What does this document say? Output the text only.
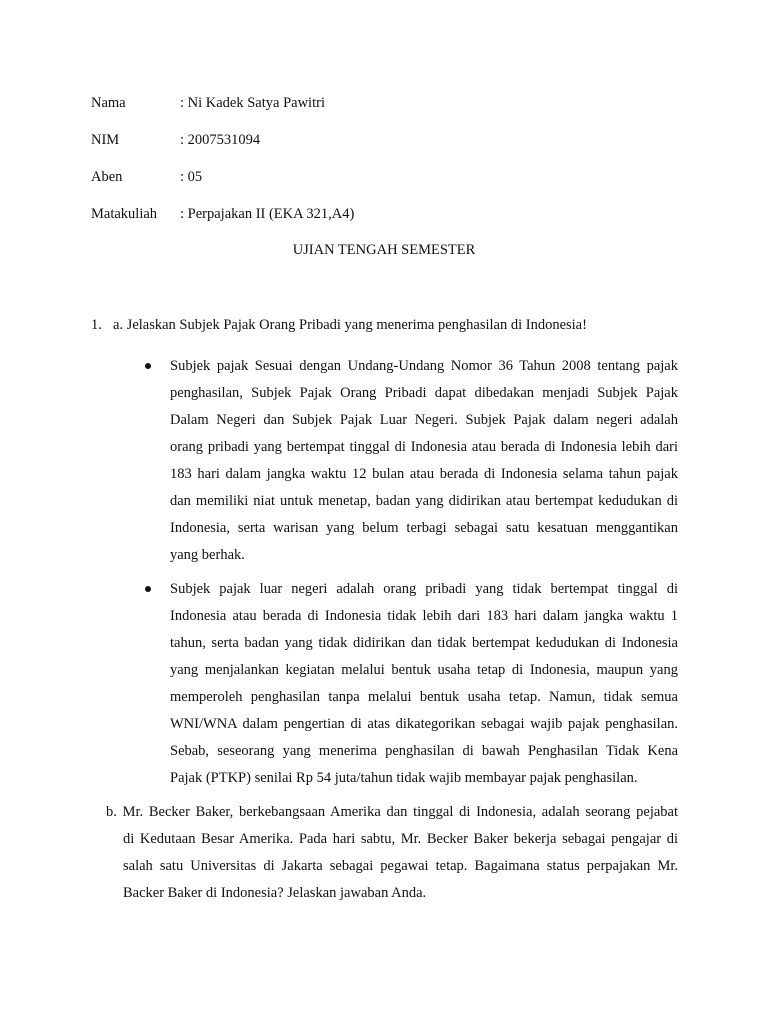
Nama	: Ni Kadek Satya Pawitri
NIM	: 2007531094
Aben	: 05
Matakuliah : Perpajakan II (EKA 321,A4)
UJIAN TENGAH SEMESTER
1. a. Jelaskan Subjek Pajak Orang Pribadi yang menerima penghasilan di Indonesia!
Subjek pajak Sesuai dengan Undang-Undang Nomor 36 Tahun 2008 tentang pajak
penghasilan, Subjek Pajak Orang Pribadi dapat dibedakan menjadi Subjek Pajak
Dalam Negeri dan Subjek Pajak Luar Negeri. Subjek Pajak dalam negeri adalah
orang pribadi yang bertempat tinggal di Indonesia atau berada di Indonesia lebih dari
183 hari dalam jangka waktu 12 bulan atau berada di Indonesia selama tahun pajak
dan memiliki niat untuk menetap, badan yang didirikan atau bertempat kedudukan di
Indonesia, serta warisan yang belum terbagi sebagai satu kesatuan menggantikan
yang berhak.
Subjek pajak luar negeri adalah orang pribadi yang tidak bertempat tinggal di
Indonesia atau berada di Indonesia tidak lebih dari 183 hari dalam jangka waktu 1
tahun, serta badan yang tidak didirikan dan tidak bertempat kedudukan di Indonesia
yang menjalankan kegiatan melalui bentuk usaha tetap di Indonesia, maupun yang
memperoleh penghasilan tanpa melalui bentuk usaha tetap. Namun, tidak semua
WNI/WNA dalam pengertian di atas dikategorikan sebagai wajib pajak penghasilan.
Sebab, seseorang yang menerima penghasilan di bawah Penghasilan Tidak Kena
Pajak (PTKP) senilai Rp 54 juta/tahun tidak wajib membayar pajak penghasilan.
b. Mr. Becker Baker, berkebangsaan Amerika dan tinggal di Indonesia, adalah seorang pejabat
di Kedutaan Besar Amerika. Pada hari sabtu, Mr. Becker Baker bekerja sebagai pengajar di
salah satu Universitas di Jakarta sebagai pegawai tetap. Bagaimana status perpajakan Mr.
Backer Baker di Indonesia? Jelaskan jawaban Anda.
